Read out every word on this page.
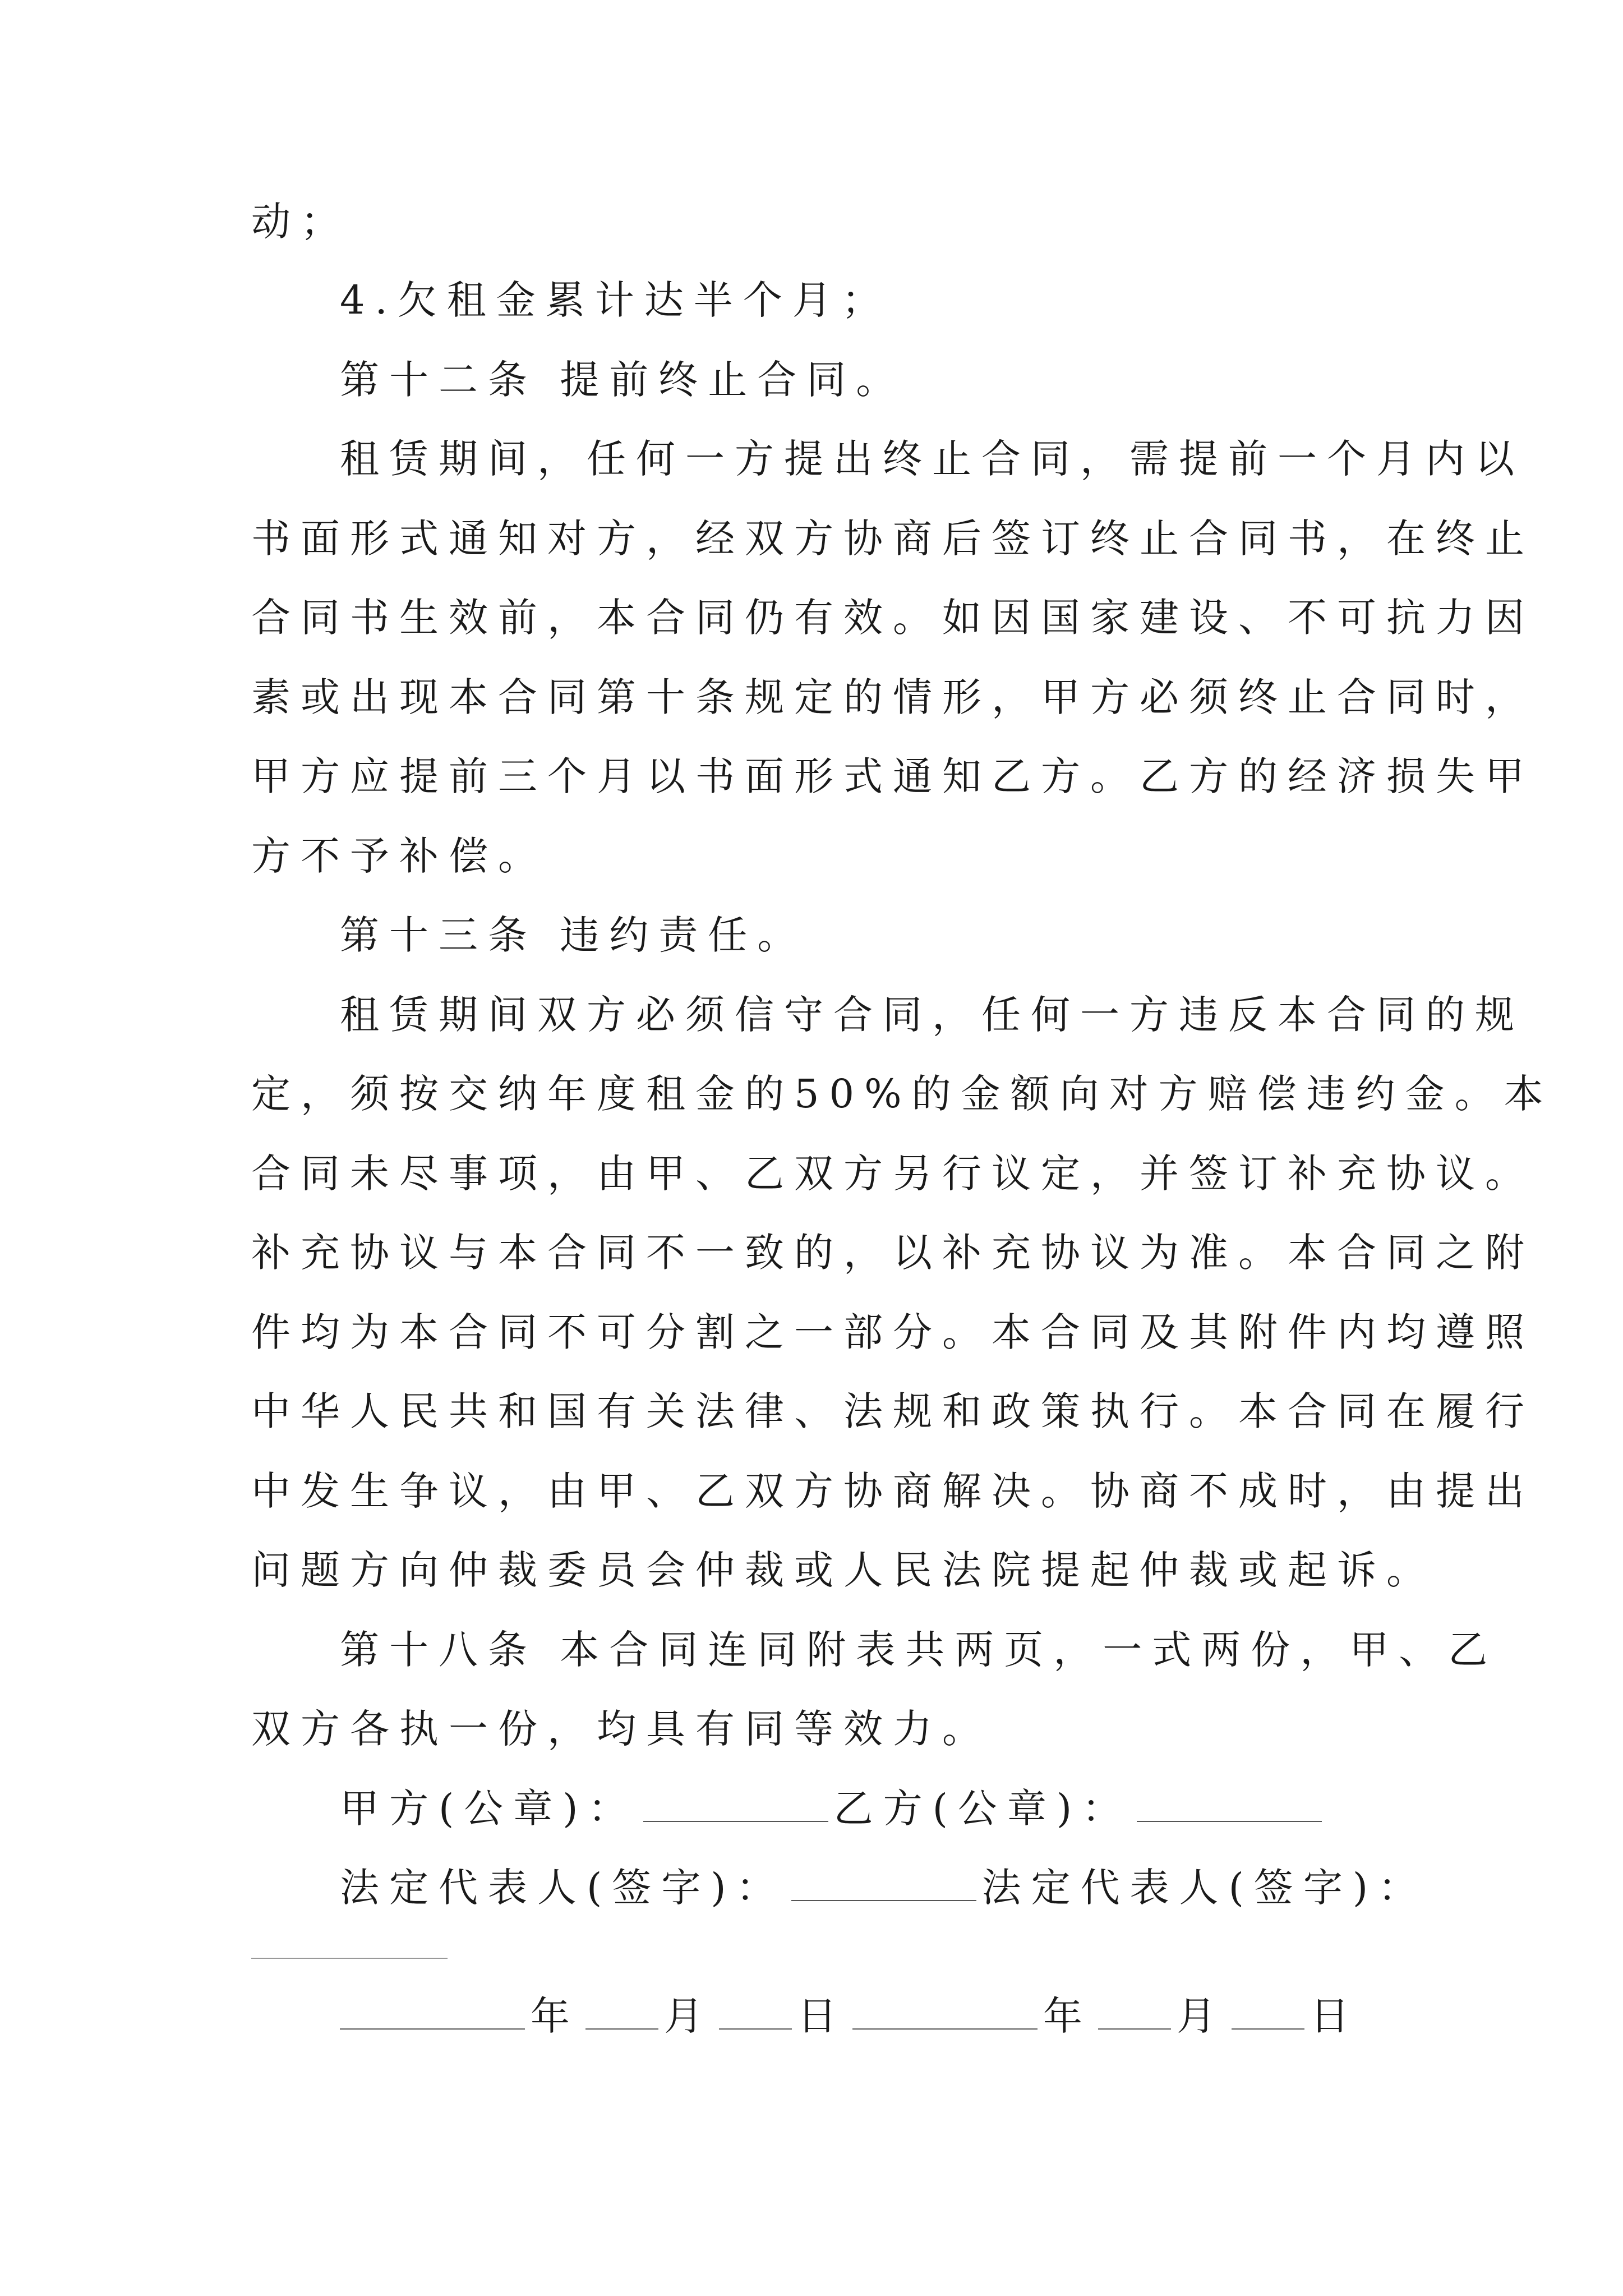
动；
4.欠租金累计达半个月；
第十二条 提前终止合同。
租赁期间，任何一方提出终止合同，需提前一个月内以
书面形式通知对方，经双方协商后签订终止合同书，在终止
合同书生效前，本合同仍有效。如因国家建设、不可抗力因
素或出现本合同第十条规定的情形，甲方必须终止合同时，
甲方应提前三个月以书面形式通知乙方。乙方的经济损失甲
方不予补偿。
第十三条 违约责任。
租赁期间双方必须信守合同，任何一方违反本合同的规
定，须按交纳年度租金的50%的金额向对方赔偿违约金。本
合同未尽事项，由甲、乙双方另行议定，并签订补充协议。
补充协议与本合同不一致的，以补充协议为准。本合同之附
件均为本合同不可分割之一部分。本合同及其附件内均遵照
中华人民共和国有关法律、法规和政策执行。本合同在履行
中发生争议，由甲、乙双方协商解决。协商不成时，由提出
问题方向仲裁委员会仲裁或人民法院提起仲裁或起诉。
第十八条 本合同连同附表共两页，一式两份，甲、乙
双方各执一份，均具有同等效力。
甲方(公章)：	乙方(公章)：
法定代表人(签字)：	法定代表人(签字)：
年 月 日	年 月 日
